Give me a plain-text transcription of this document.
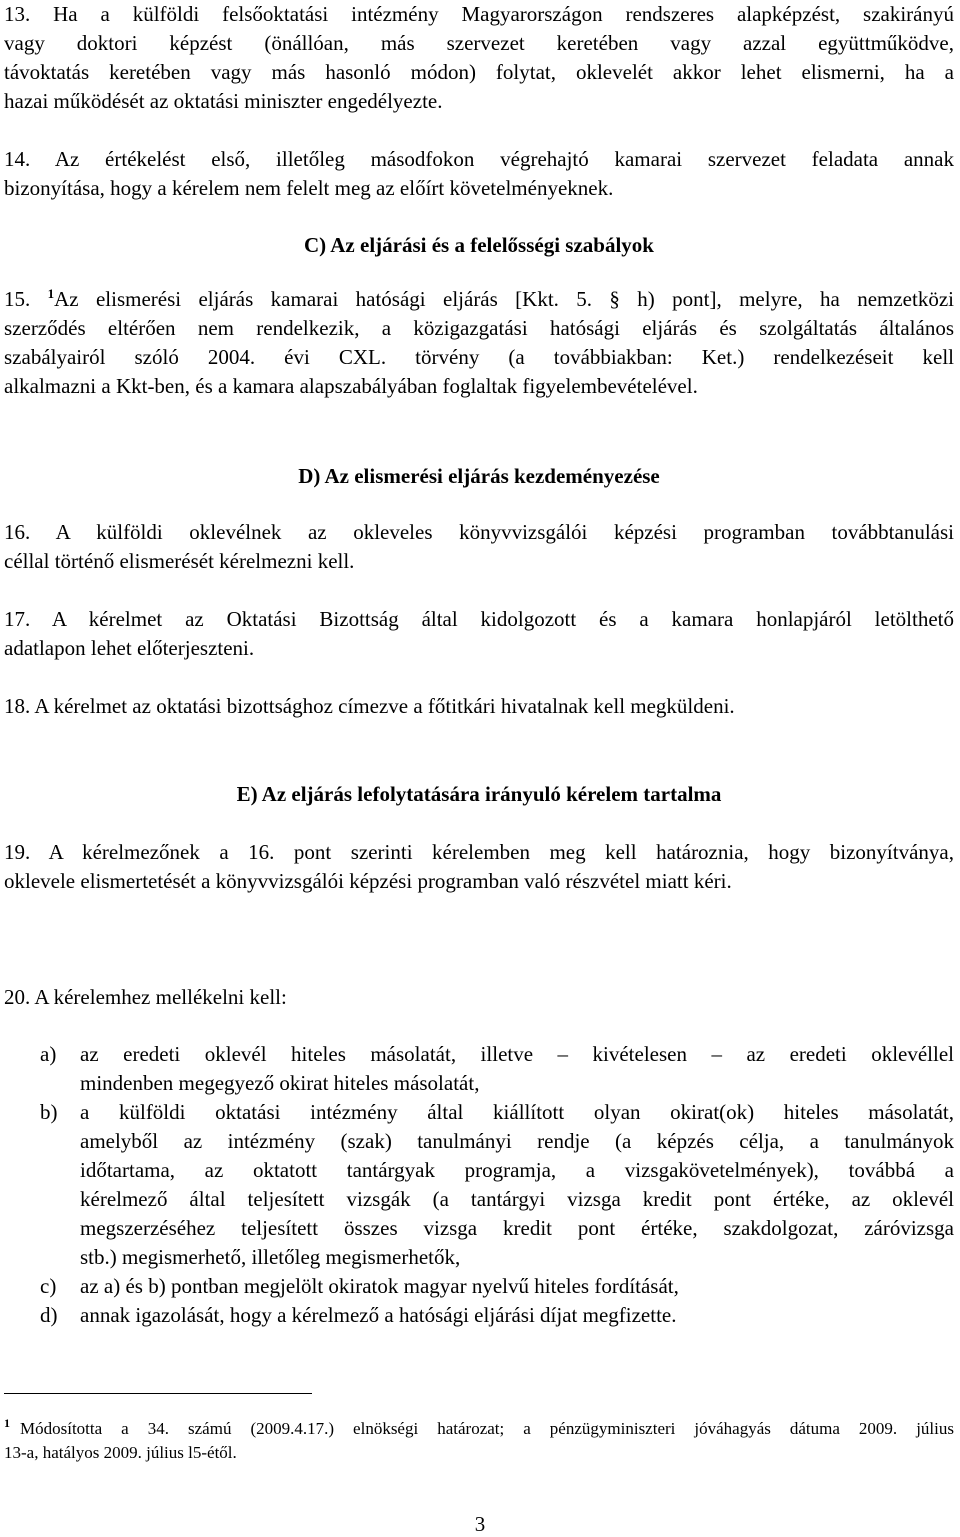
13. Ha a külföldi felsőoktatási intézmény Magyarországon rendszeres alapképzést, szakirányú
vagy doktori képzést (önállóan, más szervezet keretében vagy azzal együttműködve,
távoktatás keretében vagy más hasonló módon) folytat, oklevelét akkor lehet elismerni, ha a
hazai működését az oktatási miniszter engedélyezte.
14. Az értékelést első, illetőleg másodfokon végrehajtó kamarai szervezet feladata annak
bizonyítása, hogy a kérelem nem felelt meg az előírt követelményeknek.
C) Az eljárási és a felelősségi szabályok
15. $^1$Az elismerési eljárás kamarai hatósági eljárás [Kkt. 5. § h) pont], melyre, ha nemzetközi
szerződés eltérően nem rendelkezik, a közigazgatási hatósági eljárás és szolgáltatás általános
szabályairól szóló 2004. évi CXL. törvény (a továbbiakban: Ket.) rendelkezéseit kell
alkalmazni a Kkt-ben, és a kamara alapszabályában foglaltak figyelembevételével.
D) Az elismerési eljárás kezdeményezése
16. A külföldi oklevélnek az okleveles könyvvizsgálói képzési programban továbbtanulási
céllal történő elismerését kérelmezni kell.
17. A kérelmet az Oktatási Bizottság által kidolgozott és a kamara honlapjáról letölthető
adatlapon lehet előterjeszteni.
18. A kérelmet az oktatási bizottsághoz címezve a főtitkári hivatalnak kell megküldeni.
E) Az eljárás lefolytatására irányuló kérelem tartalma
19. A kérelmezőnek a 16. pont szerinti kérelemben meg kell határoznia, hogy bizonyítványa,
oklevele elismertetését a könyvvizsgálói képzési programban való részvétel miatt kéri.
20. A kérelemhez mellékelni kell:
a) az eredeti oklevél hiteles másolatát, illetve – kivételesen – az eredeti oklevéllel
mindenben megegyező okirat hiteles másolatát,
b) a külföldi oktatási intézmény által kiállított olyan okirat(ok) hiteles másolatát,
amelyből az intézmény (szak) tanulmányi rendje (a képzés célja, a tanulmányok
időtartama, az oktatott tantárgyak programja, a vizsgakövetelmények), továbbá a
kérelmező által teljesített vizsgák (a tantárgyi vizsga kredit pont értéke, az oklevél
megszerzéséhez teljesített összes vizsga kredit pont értéke, szakdolgozat, záróvizsga
stb.) megismerhető, illetőleg megismerhetők,
c) az a) és b) pontban megjelölt okiratok magyar nyelvű hiteles fordítását,
d) annak igazolását, hogy a kérelmező a hatósági eljárási díjat megfizette.
$^1$ Módosította a 34. számú (2009.4.17.) elnökségi határozat; a pénzügyminiszteri jóváhagyás dátuma 2009. július
13-a, hatályos 2009. július l5-étől.
3
